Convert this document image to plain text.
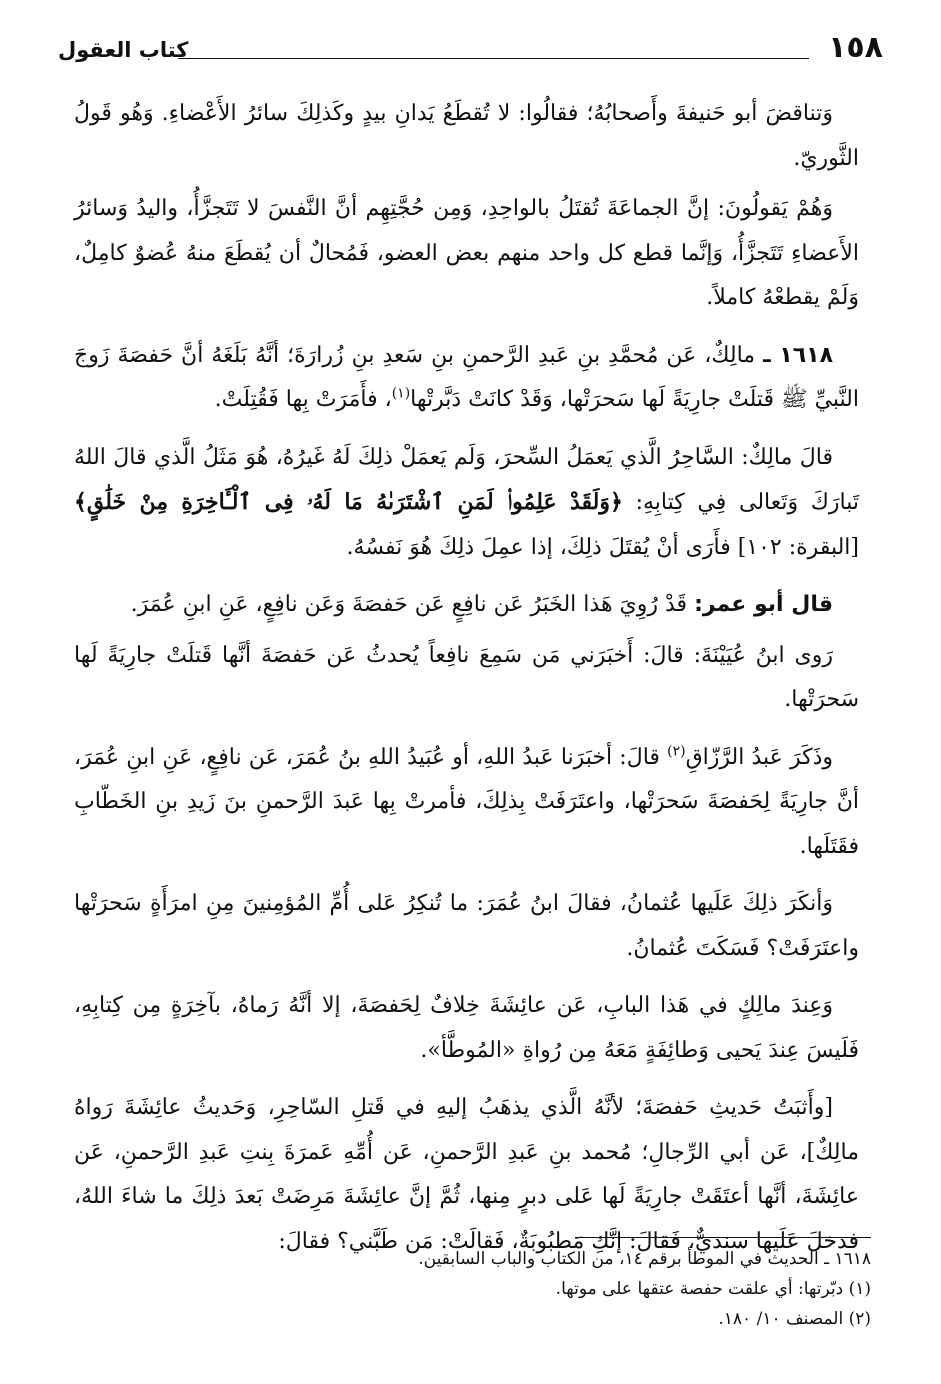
١٥٨
كتاب العقول

وَتناقضَ أبو حَنيفةَ وأَصحابُهُ؛ فقالُوا: لا تُقطَعُ يَدانِ بيدٍ وكَذلِكَ سائرُ الأَعْضاءِ. وَهُو قَولُ الثَّوريّ.

وَهُمْ يَقولُونَ: إنَّ الجماعَةَ تُقتَلُ بالواحِدِ، وَمِن حُجَّتِهِم أنَّ النَّفسَ لا تَتَجزَّأُ، واليدُ وَسائرُ الأَعضاءِ تَتَجزَّأُ، وَإنَّما قطع كل واحد منهم بعض العضو، فَمُحالٌ أن يُقطَعَ منهُ عُضوٌ كامِلٌ، وَلَمْ يقطعْهُ كاملاً.

١٦١٨ ـ مالِكٌ، عَن مُحمَّدِ بنِ عَبدِ الرَّحمنِ بنِ سَعدِ بنِ زُرارَةَ؛ أنَّهُ بَلَغَهُ أنَّ حَفصَةَ زَوجَ النَّبيِّ ﷺ قَتلَتْ جارِيَةً لَها سَحرَتْها، وَقَدْ كانَتْ دَبَّرتْها$^{(١)}$، فأَمَرَتْ بِها فَقُتِلَتْ.

قالَ مالِكٌ: السَّاحِرُ الَّذي يَعمَلُ السِّحرَ، وَلَم يَعمَلْ ذلِكَ لَهُ غَيرُهُ، هُوَ مَثَلُ الَّذي قالَ اللهُ تَبارَكَ وَتَعالى فِي كِتابِهِ: ﴿وَلَقَدْ عَلِمُوا۟ لَمَنِ ٱشْتَرَىٰهُ مَا لَهُۥ فِى ٱلْـَٔاخِرَةِ مِنْ خَلَٰقٍ﴾ [البقرة: ١٠٢] فأَرَى أنْ يُقتَلَ ذلِكَ، إذا عمِلَ ذلِكَ هُوَ نَفسُهُ.

قال أبو عمر: قَدْ رُوِيَ هَذا الخَبَرُ عَن نافِعٍ عَن حَفصَةَ وَعَن نافِعٍ، عَنِ ابنِ عُمَرَ.

رَوى ابنُ عُيَيْنَةَ: قالَ: أَخبَرَني مَن سَمِعَ نافِعاً يُحدثُ عَن حَفصَةَ أنَّها قَتلَتْ جارِيَةً لَها سَحرَتْها.

وذَكَرَ عَبدُ الرَّزّاقِ$^{(٢)}$ قالَ: أخبَرَنا عَبدُ اللهِ، أو عُبَيدُ اللهِ بنُ عُمَرَ، عَن نافِعٍ، عَنِ ابنِ عُمَرَ، أنَّ جارِيَةً لِحَفصَةَ سَحرَتْها، واعتَرَفَتْ بِذلِكَ، فأمرتْ بِها عَبدَ الرَّحمنِ بنَ زَيدِ بنِ الخَطّابِ فقَتَلَها.

وَأنكَرَ ذلِكَ عَلَيها عُثمانُ، فقالَ ابنُ عُمَرَ: ما تُنكِرُ عَلى أُمِّ المُؤمِنينَ مِنِ امرَأَةٍ سَحرَتْها واعتَرَفَتْ؟ فَسَكَتَ عُثمانُ.

وَعِندَ مالِكٍ في هَذا البابِ، عَن عائِشَةَ خِلافٌ لِحَفصَةَ، إلا أنَّهُ رَماهُ، بآخِرَةٍ مِن كِتابِهِ، فَلَيسَ عِندَ يَحيى وَطائِفَةٍ مَعَهُ مِن رُواةِ «المُوطَّأ».

[وأَثبَتُ حَديثِ حَفصَةَ؛ لأنَّهُ الَّذي يذهَبُ إليهِ في قَتلِ السّاحِرِ، وَحَديثُ عائِشَةَ رَواهُ مالِكٌ]، عَن أبي الرِّجالِ؛ مُحمد بنِ عَبدِ الرَّحمنِ، عَن أُمِّهِ عَمرَةَ بِنتِ عَبدِ الرَّحمنِ، عَن عائِشَةَ، أنَّها أعتَقَتْ جارِيَةً لَها عَلى دبرٍ مِنها، ثُمَّ إنَّ عائِشَةَ مَرِضَتْ بَعدَ ذلِكَ ما شاءَ اللهُ، فدخلَ عَلَيها سنديٌّ، فَقالَ: إنَّكِ مَطبُوبَةٌ، فَقالَتْ: مَن طَبَّني؟ فقالَ:

١٦١٨ ـ الحديث في الموطأ برقم ١٤، من الكتاب والباب السابقين.

(١) دبّرتها: أي علقت حفصة عتقها على موتها.

(٢) المصنف ١٠/ ١٨٠.
